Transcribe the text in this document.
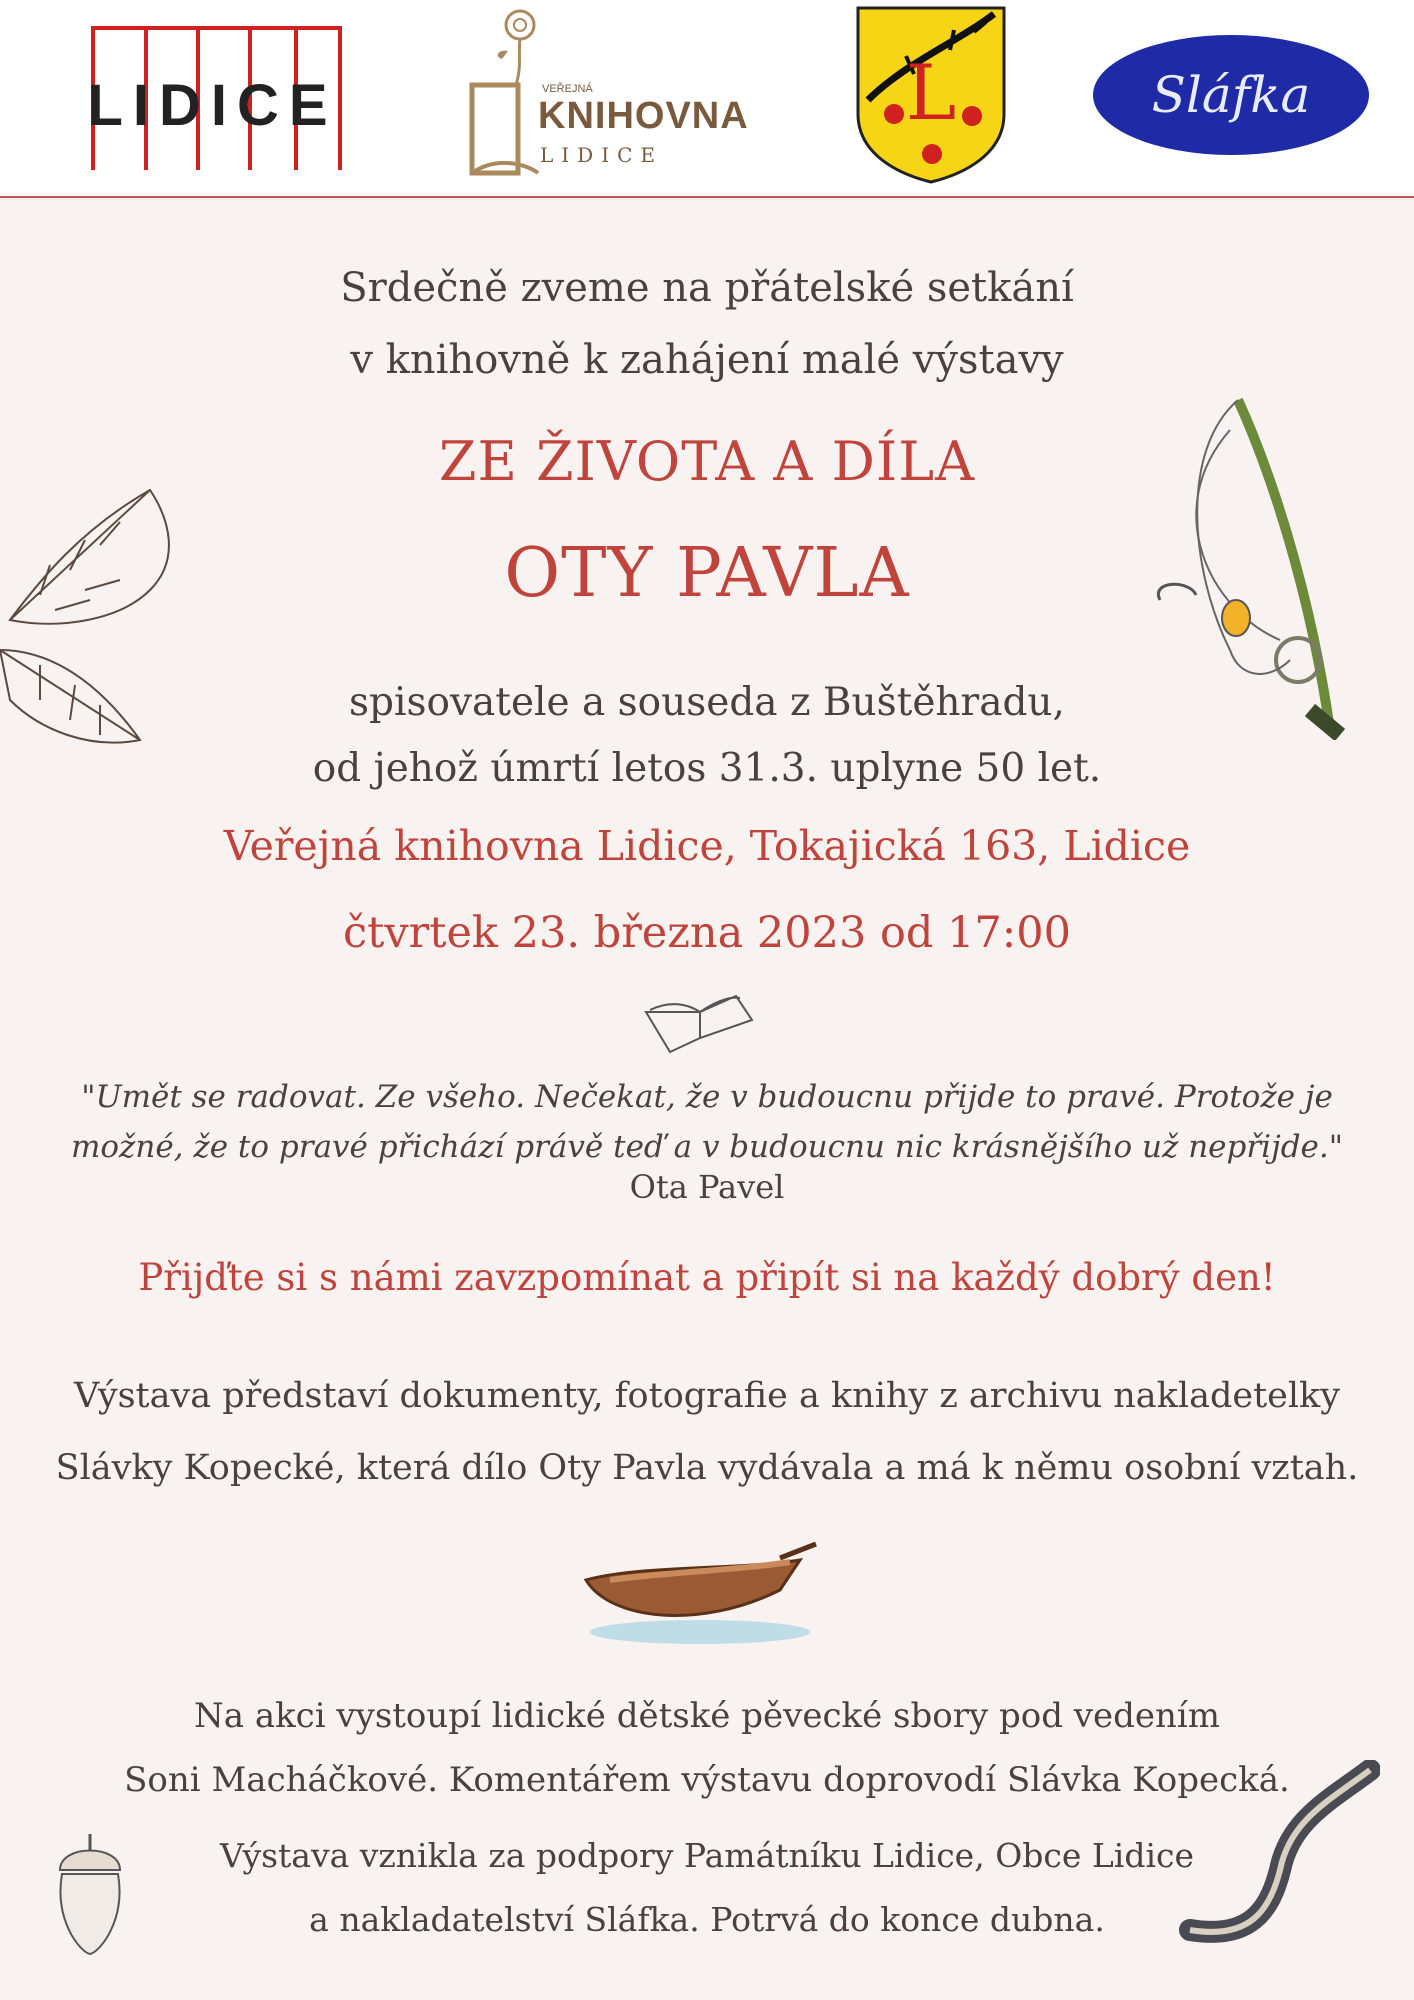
LIDICE	VEŘEJNÁ
KNIHOVNA
LIDICE
L	Sláfka
Srdečně zveme na přátelské setkání
v knihovně k zahájení malé výstavy
ZE ŽIVOTA A DÍLA
OTY PAVLA
spisovatele a souseda z Buštěhradu,
od jehož úmrtí letos 31.3. uplyne 50 let.
Veřejná knihovna Lidice, Tokajická 163, Lidice
čtvrtek 23. března 2023 od 17:00
"Umět se radovat. Ze všeho. Nečekat, že v budoucnu přijde to pravé. Protože je
možné, že to pravé přichází právě teď a v budoucnu nic krásnějšího už nepřijde."
Ota Pavel
Přijďte si s námi zavzpomínat a připít si na každý dobrý den!
Výstava představí dokumenty, fotografie a knihy z archivu nakladetelky
Slávky Kopecké, která dílo Oty Pavla vydávala a má k němu osobní vztah.
Na akci vystoupí lidické dětské pěvecké sbory pod vedením
Soni Macháčkové. Komentářem výstavu doprovodí Slávka Kopecká.
Výstava vznikla za podpory Památníku Lidice, Obce Lidice
a nakladatelství Sláfka. Potrvá do konce dubna.
